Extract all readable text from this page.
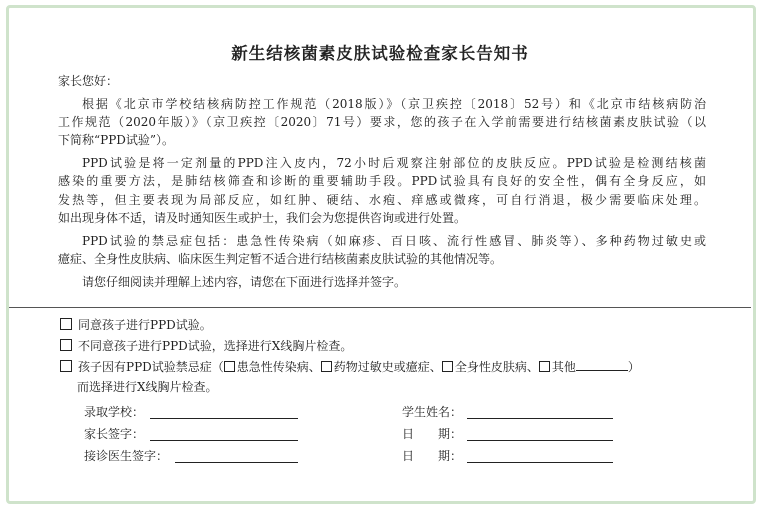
新生结核菌素皮肤试验检查家长告知书
家长您好：
根据《北京市学校结核病防控工作规范（2018版）》（京卫疾控〔2018〕52号）和《北京市结核病防治
工作规范（2020年版）》（京卫疾控〔2020〕71号）要求，您的孩子在入学前需要进行结核菌素皮肤试验（以
下简称“PPD试验”）。
PPD试验是将一定剂量的PPD注入皮内，72小时后观察注射部位的皮肤反应。PPD试验是检测结核菌
感染的重要方法，是肺结核筛查和诊断的重要辅助手段。PPD试验具有良好的安全性，偶有全身反应，如
发热等，但主要表现为局部反应，如红肿、硬结、水疱、痒感或微疼，可自行消退，极少需要临床处理。
如出现身体不适，请及时通知医生或护士，我们会为您提供咨询或进行处置。
PPD试验的禁忌症包括：患急性传染病（如麻疹、百日咳、流行性感冒、肺炎等）、多种药物过敏史或
癔症、全身性皮肤病、临床医生判定暂不适合进行结核菌素皮肤试验的其他情况等。
请您仔细阅读并理解上述内容，请您在下面进行选择并签字。
同意孩子进行PPD试验。
不同意孩子进行PPD试验，选择进行X线胸片检查。
孩子因有PPD试验禁忌症（ 患急性传染病、 药物过敏史或癔症、 全身性皮肤病、 其他	）
而选择进行X线胸片检查。
录取学校：	学生姓名：
家长签字：	日　　期：
接诊医生签字：	日　　期：
